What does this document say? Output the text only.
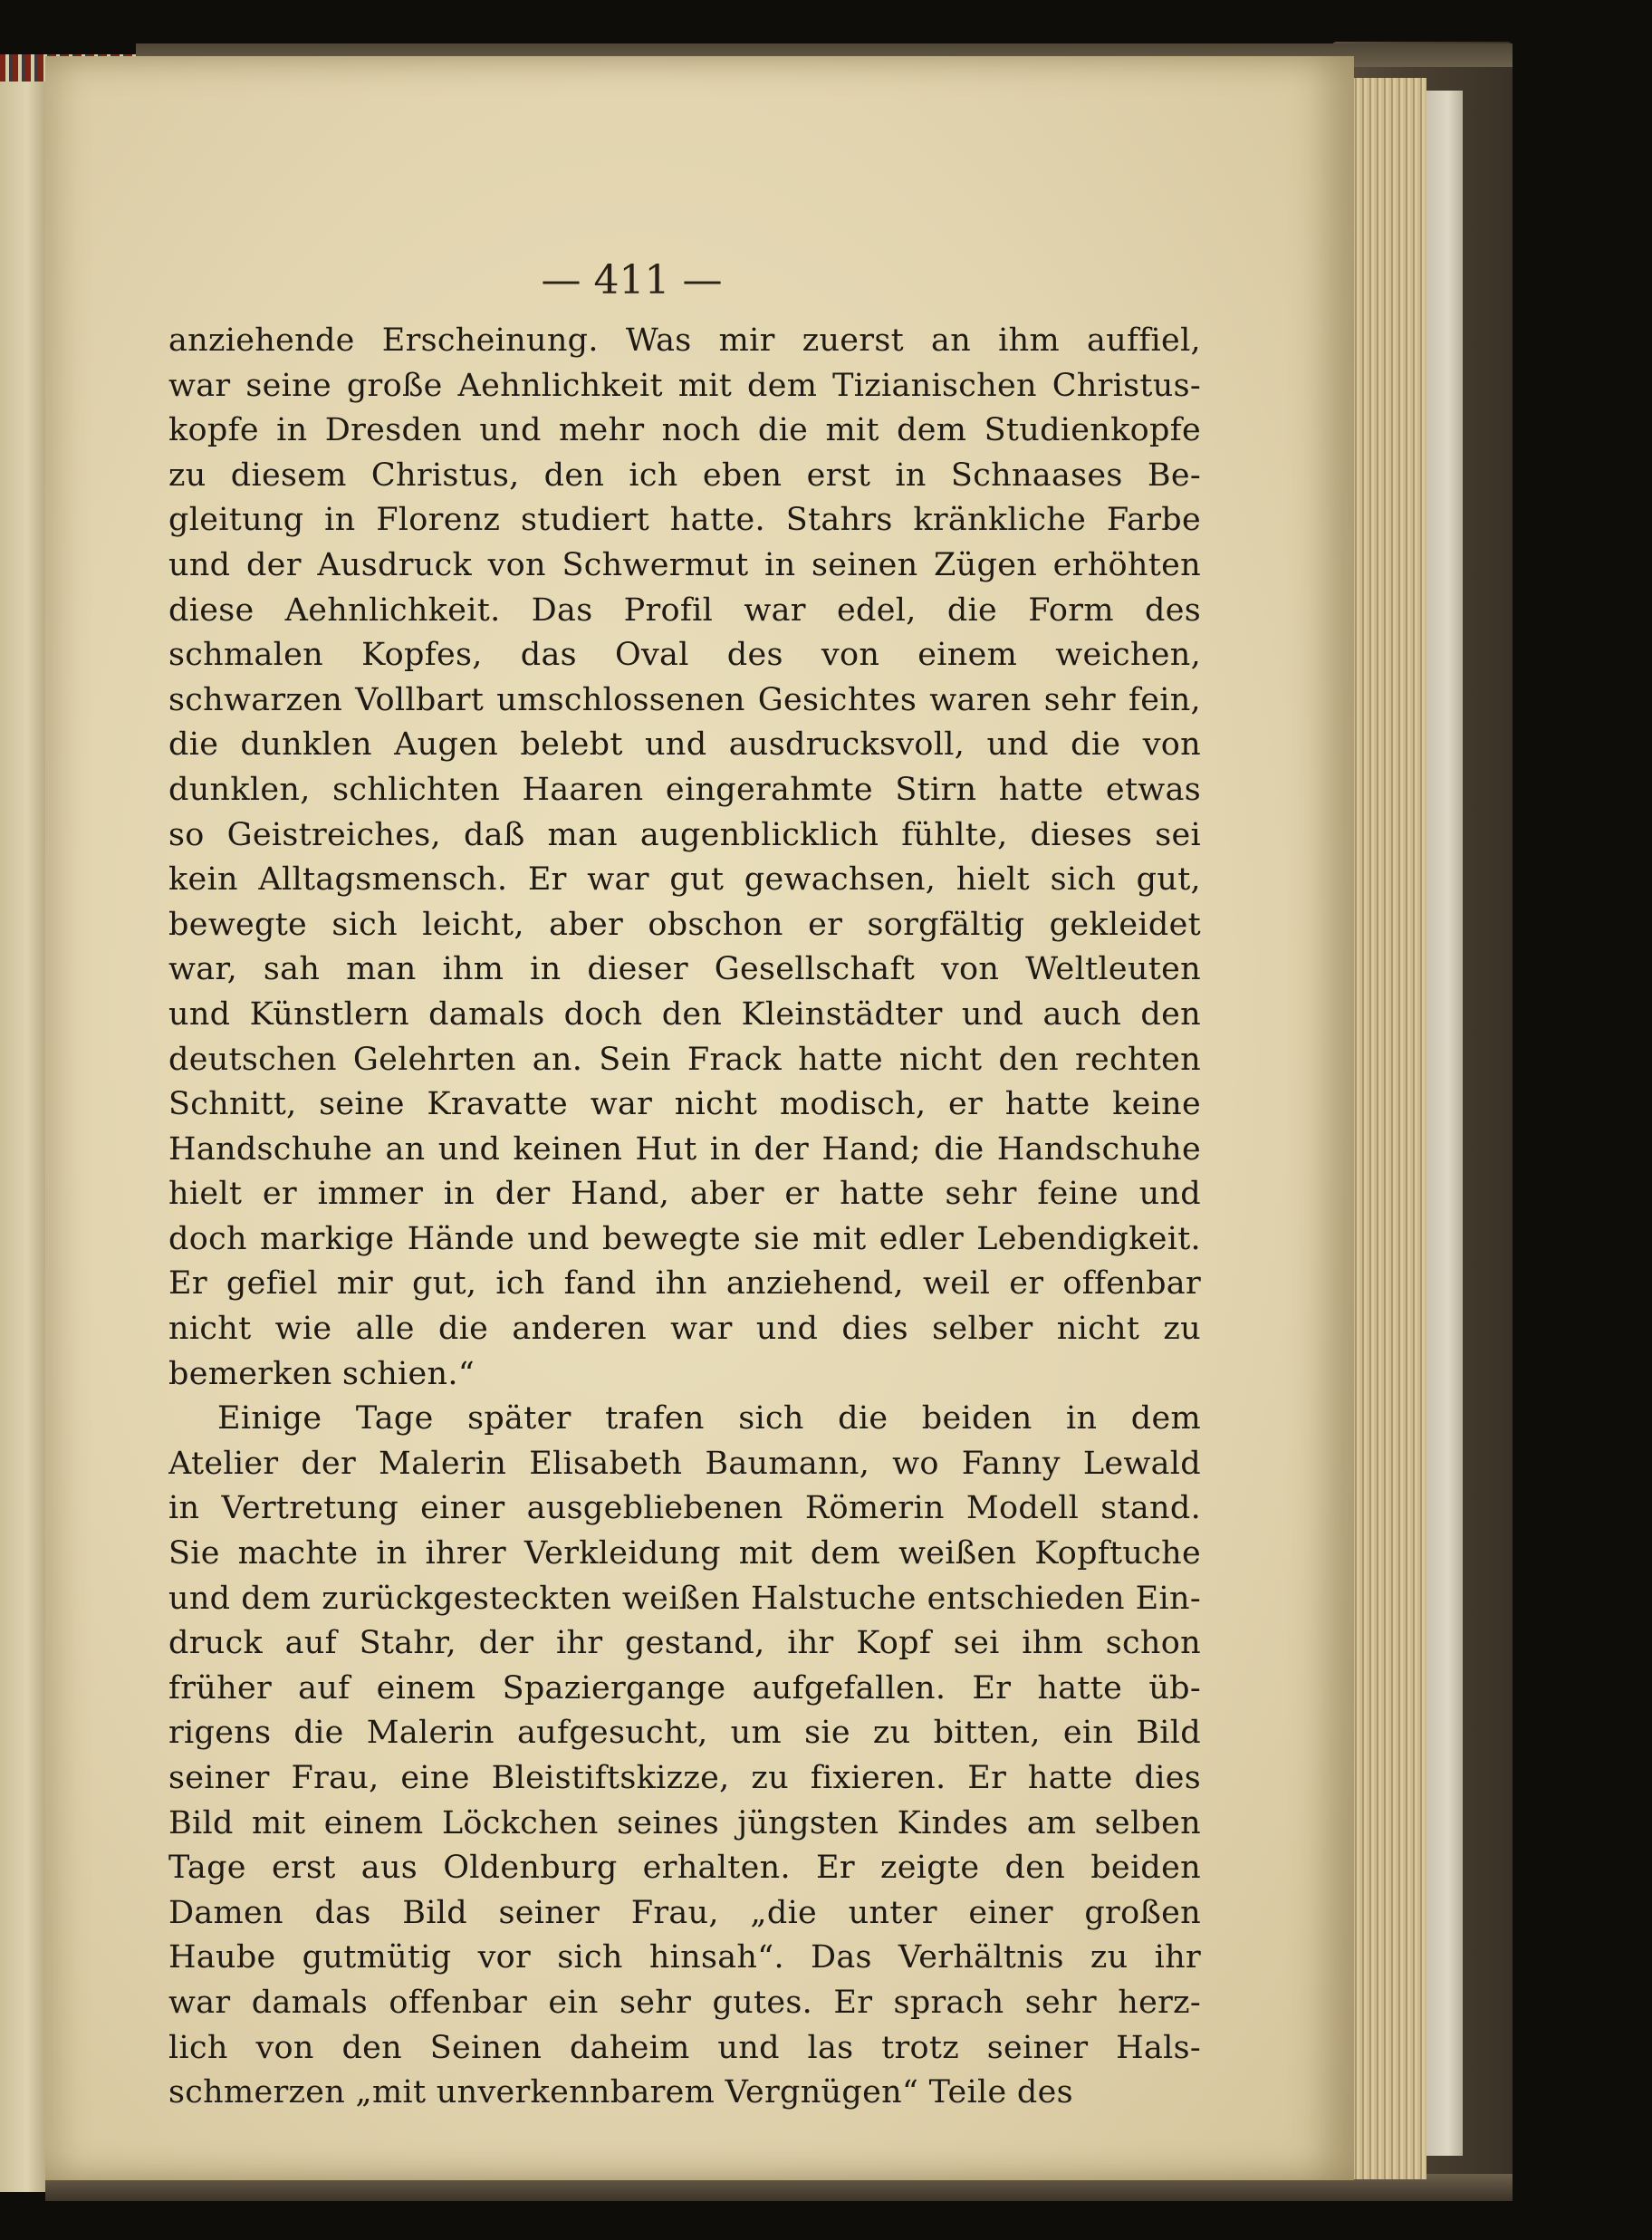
— 411 —
anziehende Erscheinung. Was mir zuerst an ihm auffiel,
war seine große Aehnlichkeit mit dem Tizianischen Christus-
kopfe in Dresden und mehr noch die mit dem Studienkopfe
zu diesem Christus, den ich eben erst in Schnaases Be-
gleitung in Florenz studiert hatte. Stahrs kränkliche Farbe
und der Ausdruck von Schwermut in seinen Zügen erhöhten
diese Aehnlichkeit. Das Profil war edel, die Form des
schmalen Kopfes, das Oval des von einem weichen,
schwarzen Vollbart umschlossenen Gesichtes waren sehr fein,
die dunklen Augen belebt und ausdrucksvoll, und die von
dunklen, schlichten Haaren eingerahmte Stirn hatte etwas
so Geistreiches, daß man augenblicklich fühlte, dieses sei
kein Alltagsmensch. Er war gut gewachsen, hielt sich gut,
bewegte sich leicht, aber obschon er sorgfältig gekleidet
war, sah man ihm in dieser Gesellschaft von Weltleuten
und Künstlern damals doch den Kleinstädter und auch den
deutschen Gelehrten an. Sein Frack hatte nicht den rechten
Schnitt, seine Kravatte war nicht modisch, er hatte keine
Handschuhe an und keinen Hut in der Hand; die Handschuhe
hielt er immer in der Hand, aber er hatte sehr feine und
doch markige Hände und bewegte sie mit edler Lebendigkeit.
Er gefiel mir gut, ich fand ihn anziehend, weil er offenbar
nicht wie alle die anderen war und dies selber nicht zu
bemerken schien.“
Einige Tage später trafen sich die beiden in dem
Atelier der Malerin Elisabeth Baumann, wo Fanny Lewald
in Vertretung einer ausgebliebenen Römerin Modell stand.
Sie machte in ihrer Verkleidung mit dem weißen Kopftuche
und dem zurückgesteckten weißen Halstuche entschieden Ein-
druck auf Stahr, der ihr gestand, ihr Kopf sei ihm schon
früher auf einem Spaziergange aufgefallen. Er hatte üb-
rigens die Malerin aufgesucht, um sie zu bitten, ein Bild
seiner Frau, eine Bleistiftskizze, zu fixieren. Er hatte dies
Bild mit einem Löckchen seines jüngsten Kindes am selben
Tage erst aus Oldenburg erhalten. Er zeigte den beiden
Damen das Bild seiner Frau, „die unter einer großen
Haube gutmütig vor sich hinsah“. Das Verhältnis zu ihr
war damals offenbar ein sehr gutes. Er sprach sehr herz-
lich von den Seinen daheim und las trotz seiner Hals-
schmerzen „mit unverkennbarem Vergnügen“ Teile des
